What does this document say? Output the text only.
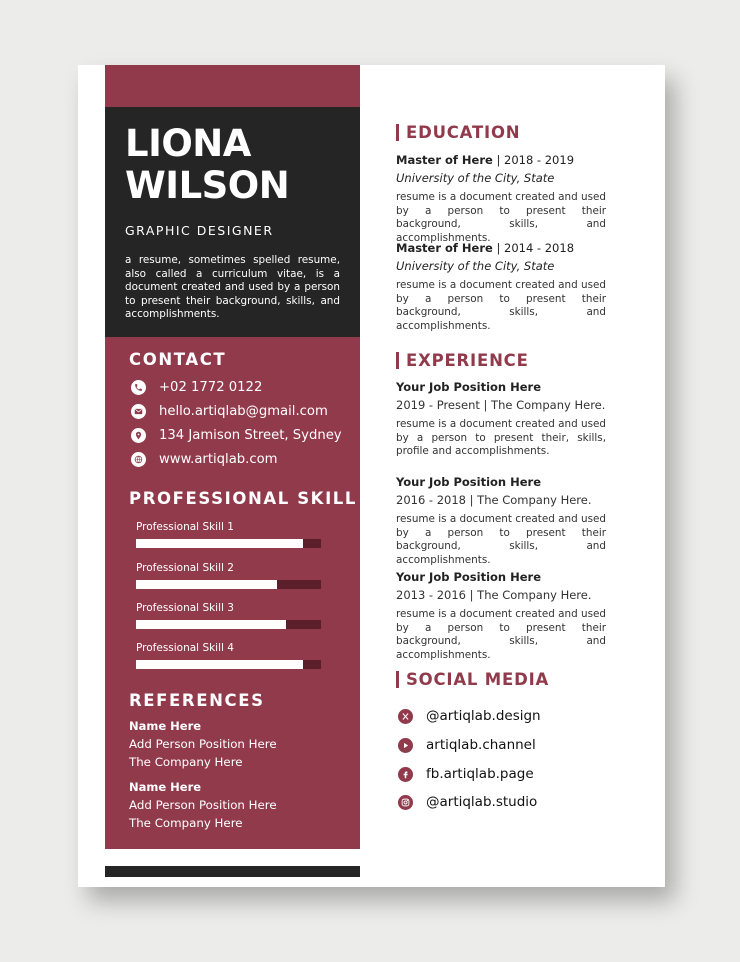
LIONA
WILSON
GRAPHIC DESIGNER

a resume, sometimes spelled resume, also called a curriculum vitae, is a document created and used by a person to present their background, skills, and accomplishments.

CONTACT
+02 1772 0122
hello.artiqlab@gmail.com
134 Jamison Street, Sydney
www.artiqlab.com
PROFESSIONAL SKILL
Professional Skill 1
Professional Skill 2
Professional Skill 3
Professional Skill 4
REFERENCES
Name Here
Add Person Position Here
The Company Here
Name Here
Add Person Position Here
The Company Here
EDUCATION
Master of Here | 2018 - 2019
University of the City, State

resume is a document created and used by a person to present their background, skills, and accomplishments.

Master of Here | 2014 - 2018
University of the City, State

resume is a document created and used by a person to present their background, skills, and accomplishments.

EXPERIENCE
Your Job Position Here
2019 - Present | The Company Here.

resume is a document created and used by a person to present their, skills, profile and accomplishments.

Your Job Position Here
2016 - 2018 | The Company Here.

resume is a document created and used by a person to present their background, skills, and accomplishments.

Your Job Position Here
2013 - 2016 | The Company Here.

resume is a document created and used by a person to present their background, skills, and accomplishments.

SOCIAL MEDIA
@artiqlab.design
artiqlab.channel
fb.artiqlab.page
@artiqlab.studio
